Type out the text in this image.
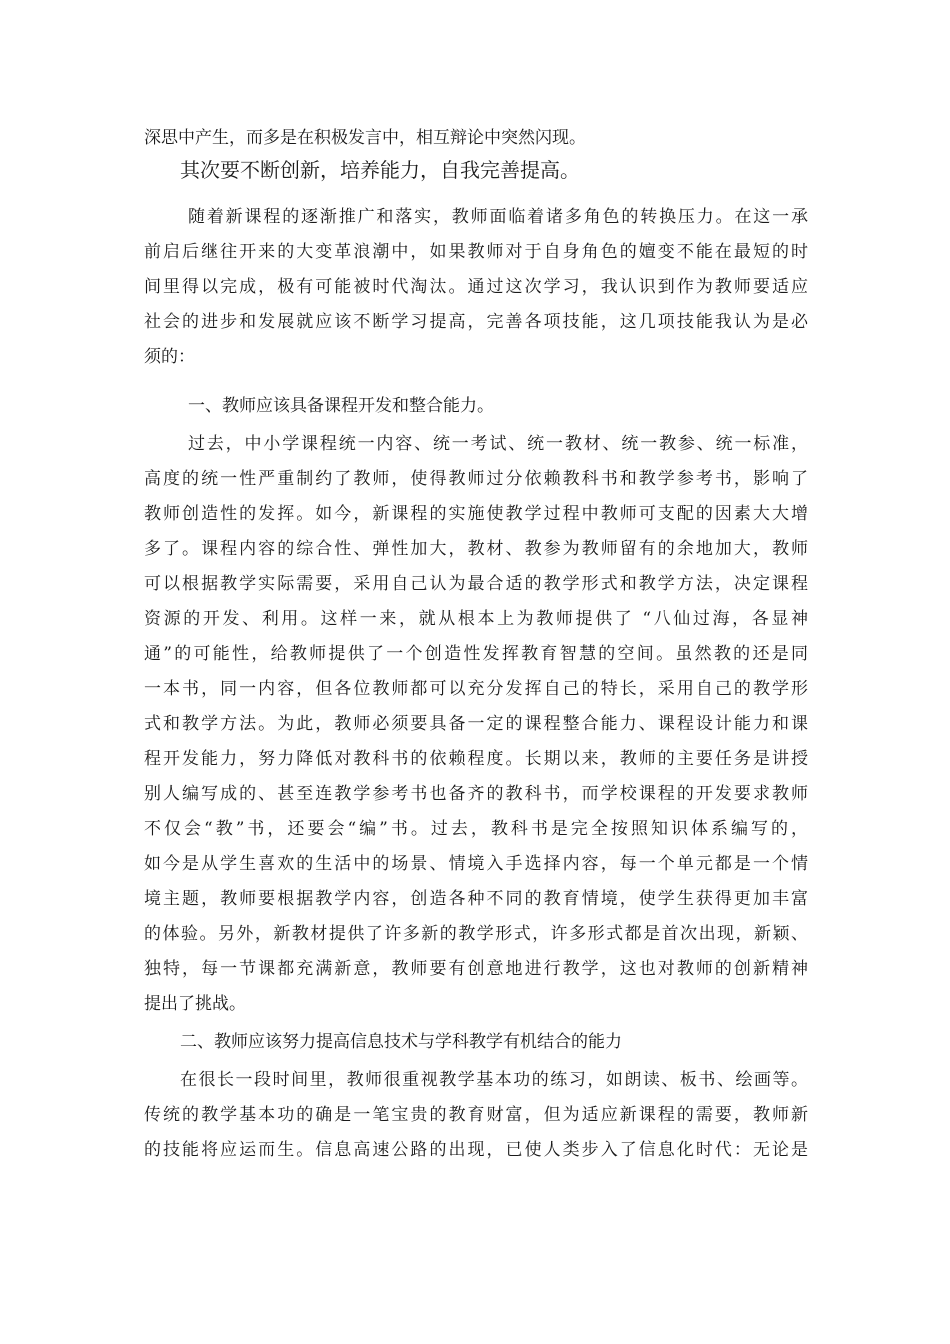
深思中产生，而多是在积极发言中，相互辩论中突然闪现。
其次要不断创新，培养能力，自我完善提高。
随着新课程的逐渐推广和落实，教师面临着诸多角色的转换压力。在这一承
前启后继往开来的大变革浪潮中，如果教师对于自身角色的嬗变不能在最短的时
间里得以完成，极有可能被时代淘汰。通过这次学习，我认识到作为教师要适应
社会的进步和发展就应该不断学习提高，完善各项技能，这几项技能我认为是必
须的：
一、教师应该具备课程开发和整合能力。
过去，中小学课程统一内容、统一考试、统一教材、统一教参、统一标准，
高度的统一性严重制约了教师，使得教师过分依赖教科书和教学参考书，影响了
教师创造性的发挥。如今，新课程的实施使教学过程中教师可支配的因素大大增
多了。课程内容的综合性、弹性加大，教材、教参为教师留有的余地加大，教师
可以根据教学实际需要，采用自己认为最合适的教学形式和教学方法，决定课程
资源的开发、利用。这样一来，就从根本上为教师提供了 “八仙过海，各显神
通”的可能性，给教师提供了一个创造性发挥教育智慧的空间。虽然教的还是同
一本书，同一内容，但各位教师都可以充分发挥自己的特长，采用自己的教学形
式和教学方法。为此，教师必须要具备一定的课程整合能力、课程设计能力和课
程开发能力，努力降低对教科书的依赖程度。长期以来，教师的主要任务是讲授
别人编写成的、甚至连教学参考书也备齐的教科书，而学校课程的开发要求教师
不仅会“教”书，还要会“编”书。过去，教科书是完全按照知识体系编写的，
如今是从学生喜欢的生活中的场景、情境入手选择内容，每一个单元都是一个情
境主题，教师要根据教学内容，创造各种不同的教育情境，使学生获得更加丰富
的体验。另外，新教材提供了许多新的教学形式，许多形式都是首次出现，新颖、
独特，每一节课都充满新意，教师要有创意地进行教学，这也对教师的创新精神
提出了挑战。
二、教师应该努力提高信息技术与学科教学有机结合的能力
在很长一段时间里，教师很重视教学基本功的练习，如朗读、板书、绘画等。
传统的教学基本功的确是一笔宝贵的教育财富，但为适应新课程的需要，教师新
的技能将应运而生。信息高速公路的出现，已使人类步入了信息化时代：无论是
